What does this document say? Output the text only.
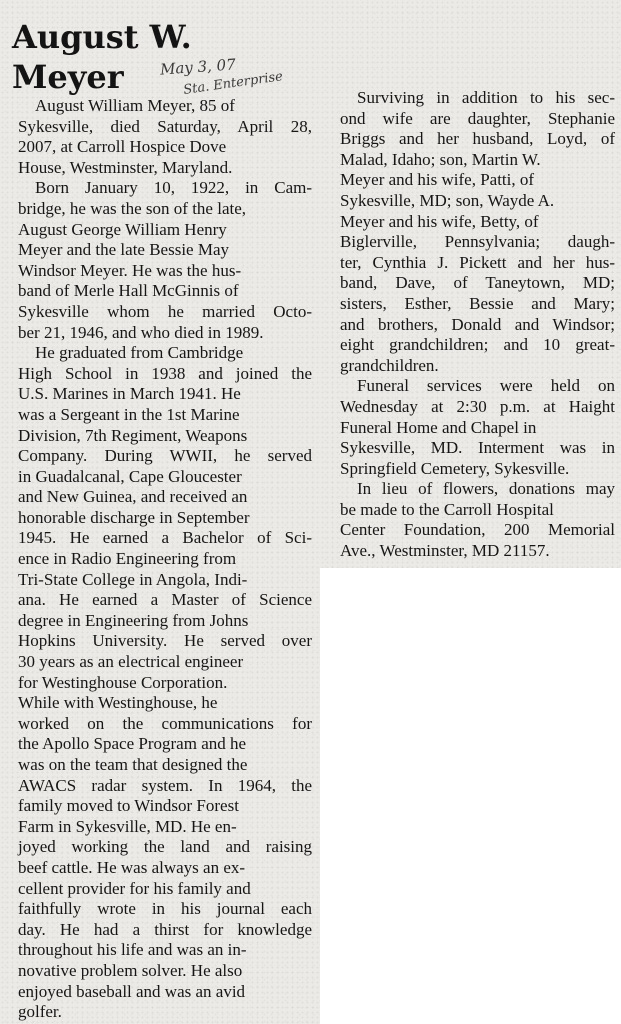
August W.
Meyer May 3, 07
Sta. Enterprise
August William Meyer, 85 of
Sykesville, died Saturday, April 28,
2007, at Carroll Hospice Dove
House, Westminster, Maryland.
Born January 10, 1922, in Cam-
bridge, he was the son of the late,
August George William Henry
Meyer and the late Bessie May
Windsor Meyer. He was the hus-
band of Merle Hall McGinnis of
Sykesville whom he married Octo-
ber 21, 1946, and who died in 1989.
He graduated from Cambridge
High School in 1938 and joined the
U.S. Marines in March 1941. He
was a Sergeant in the 1st Marine
Division, 7th Regiment, Weapons
Company. During WWII, he served
in Guadalcanal, Cape Gloucester
and New Guinea, and received an
honorable discharge in September
1945. He earned a Bachelor of Sci-
ence in Radio Engineering from
Tri-State College in Angola, Indi-
ana. He earned a Master of Science
degree in Engineering from Johns
Hopkins University. He served over
30 years as an electrical engineer
for Westinghouse Corporation.
While with Westinghouse, he
worked on the communications for
the Apollo Space Program and he
was on the team that designed the
AWACS radar system. In 1964, the
family moved to Windsor Forest
Farm in Sykesville, MD. He en-
joyed working the land and raising
beef cattle. He was always an ex-
cellent provider for his family and
faithfully wrote in his journal each
day. He had a thirst for knowledge
throughout his life and was an in-
novative problem solver. He also
enjoyed baseball and was an avid
golfer.
Surviving in addition to his sec-
ond wife are daughter, Stephanie
Briggs and her husband, Loyd, of
Malad, Idaho; son, Martin W.
Meyer and his wife, Patti, of
Sykesville, MD; son, Wayde A.
Meyer and his wife, Betty, of
Biglerville, Pennsylvania; daugh-
ter, Cynthia J. Pickett and her hus-
band, Dave, of Taneytown, MD;
sisters, Esther, Bessie and Mary;
and brothers, Donald and Windsor;
eight grandchildren; and 10 great-
grandchildren.
Funeral services were held on
Wednesday at 2:30 p.m. at Haight
Funeral Home and Chapel in
Sykesville, MD. Interment was in
Springfield Cemetery, Sykesville.
In lieu of flowers, donations may
be made to the Carroll Hospital
Center Foundation, 200 Memorial
Ave., Westminster, MD 21157.
